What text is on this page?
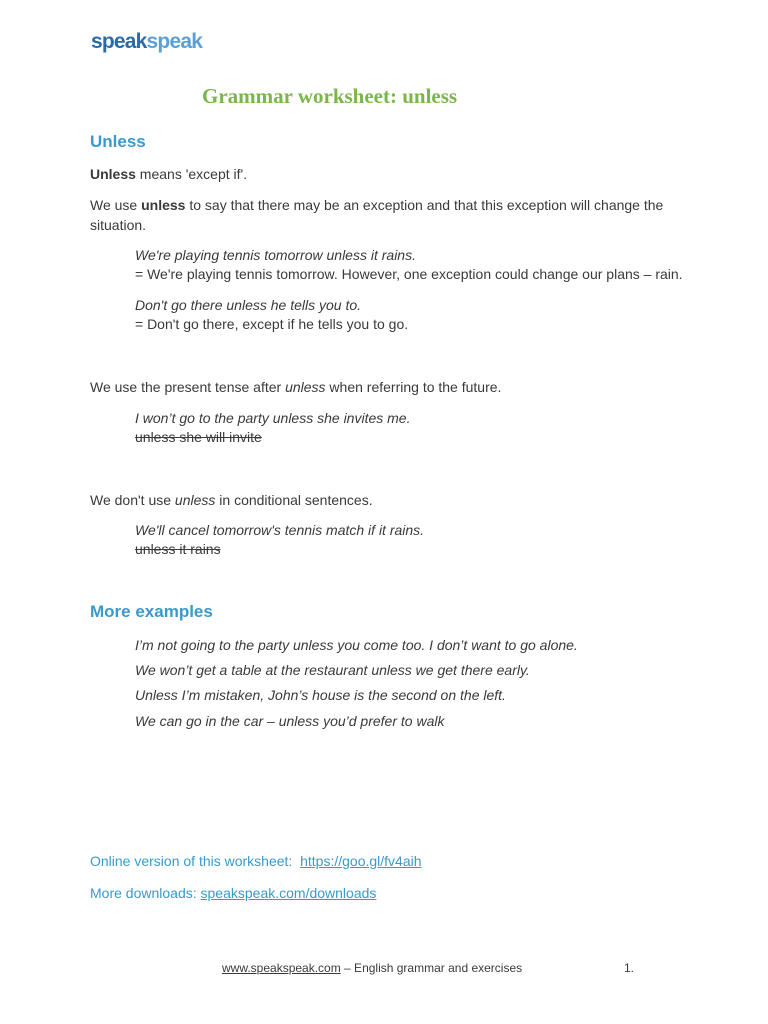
speakspeak
Grammar worksheet: unless
Unless
Unless means 'except if'.
We use unless to say that there may be an exception and that this exception will change the situation.
We're playing tennis tomorrow unless it rains.
= We're playing tennis tomorrow. However, one exception could change our plans – rain.
Don't go there unless he tells you to.
= Don't go there, except if he tells you to go.
We use the present tense after unless when referring to the future.
I won’t go to the party unless she invites me.
unless she will invite
We don't use unless in conditional sentences.
We'll cancel tomorrow's tennis match if it rains.
unless it rains
More examples
I’m not going to the party unless you come too. I don’t want to go alone.
We won’t get a table at the restaurant unless we get there early.
Unless I’m mistaken, John’s house is the second on the left.
We can go in the car – unless you’d prefer to walk
Online version of this worksheet: https://goo.gl/fv4aih
More downloads: speakspeak.com/downloads
www.speakspeak.com – English grammar and exercises	1.
